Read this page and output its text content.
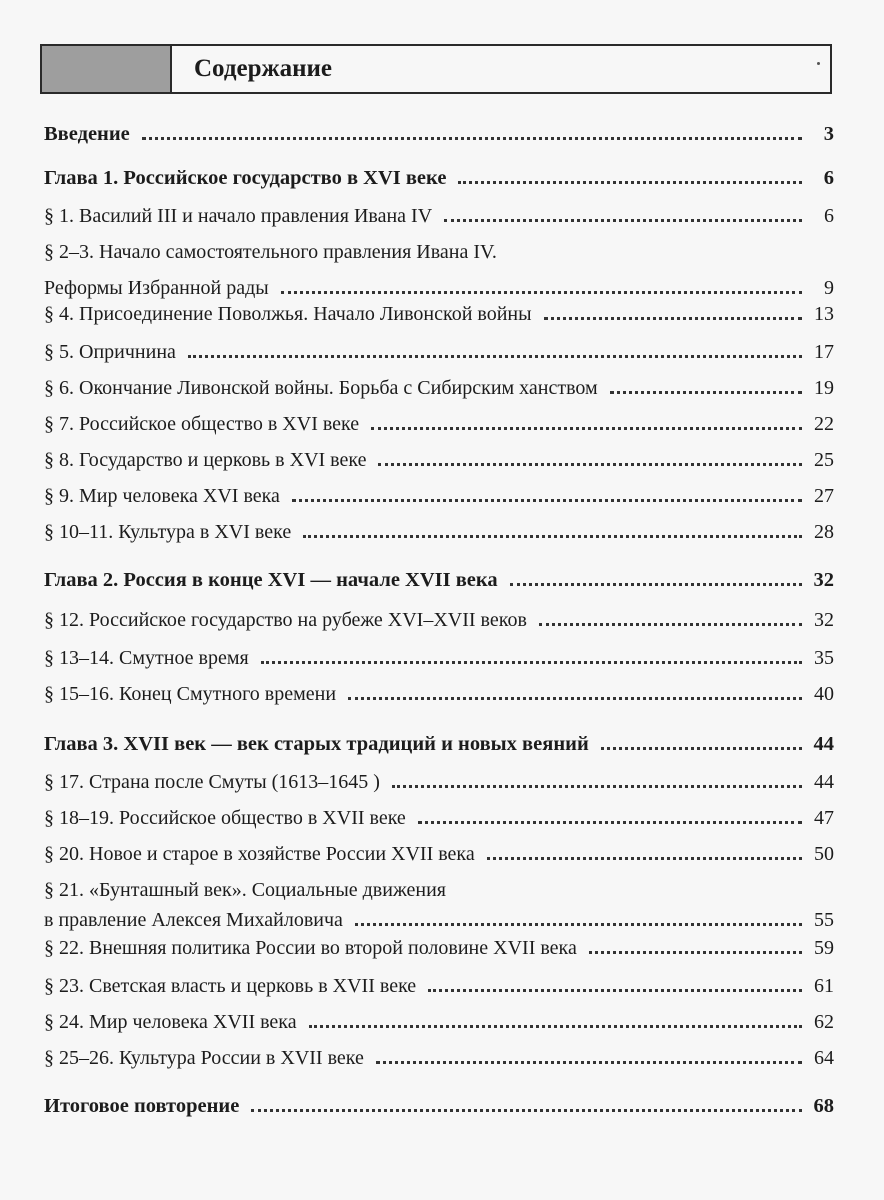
Содержание
Введение	3
Глава 1. Российское государство в XVI веке	6
§ 1. Василий III и начало правления Ивана IV	6
§ 2–3. Начало самостоятельного правления Ивана IV.
Реформы Избранной рады	9
§ 4. Присоединение Поволжья. Начало Ливонской войны	13
§ 5. Опричнина	17
§ 6. Окончание Ливонской войны. Борьба с Сибирским ханством	19
§ 7. Российское общество в XVI веке	22
§ 8. Государство и церковь в XVI веке	25
§ 9. Мир человека XVI века	27
§ 10–11. Культура в XVI веке	28
Глава 2. Россия в конце XVI — начале XVII века	32
§ 12. Российское государство на рубеже XVI–XVII веков	32
§ 13–14. Смутное время	35
§ 15–16. Конец Смутного времени	40
Глава 3. XVII век — век старых традиций и новых веяний	44
§ 17. Страна после Смуты (1613–1645 )	44
§ 18–19. Российское общество в XVII веке	47
§ 20. Новое и старое в хозяйстве России XVII века	50
§ 21. «Бунташный век». Социальные движения
в правление Алексея Михайловича	55
§ 22. Внешняя политика России во второй половине XVII века	59
§ 23. Светская власть и церковь в XVII веке	61
§ 24. Мир человека XVII века	62
§ 25–26. Культура России в XVII веке	64
Итоговое повторение	68
